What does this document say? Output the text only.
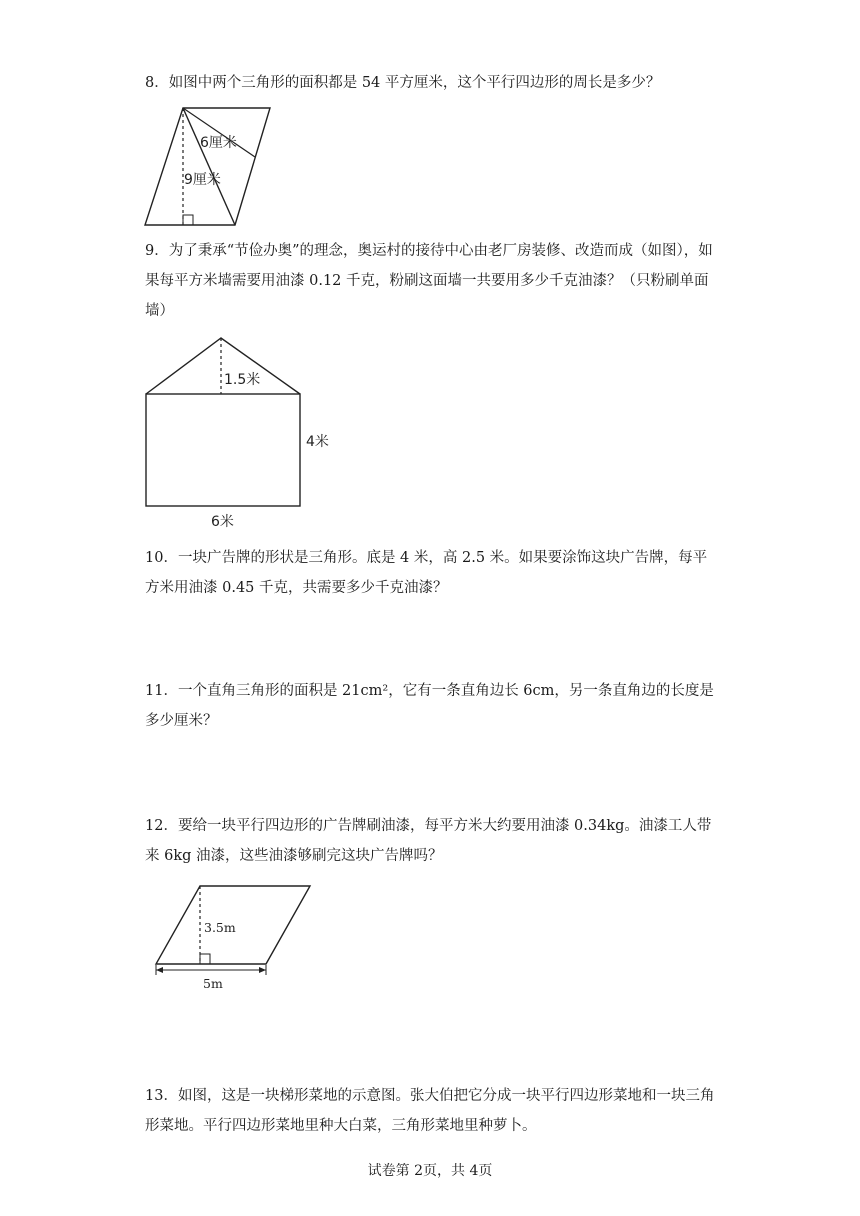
8．如图中两个三角形的面积都是 54 平方厘米，这个平行四边形的周长是多少？

6厘米
9厘米

9．为了秉承“节俭办奥”的理念，奥运村的接待中心由老厂房装修、改造而成（如图），如果每平方米墙需要用油漆 0.12 千克，粉刷这面墙一共要用多少千克油漆？（只粉刷单面墙）

1.5米
4米
6米

10．一块广告牌的形状是三角形。底是 4 米，高 2.5 米。如果要涂饰这块广告牌，每平方米用油漆 0.45 千克，共需要多少千克油漆？

11．一个直角三角形的面积是 21cm²，它有一条直角边长 6cm，另一条直角边的长度是多少厘米？

12．要给一块平行四边形的广告牌刷油漆，每平方米大约要用油漆 0.34kg。油漆工人带来 6kg 油漆，这些油漆够刷完这块广告牌吗？

3.5m
5m

13．如图，这是一块梯形菜地的示意图。张大伯把它分成一块平行四边形菜地和一块三角形菜地。平行四边形菜地里种大白菜，三角形菜地里种萝卜。

试卷第 2页，共 4页
